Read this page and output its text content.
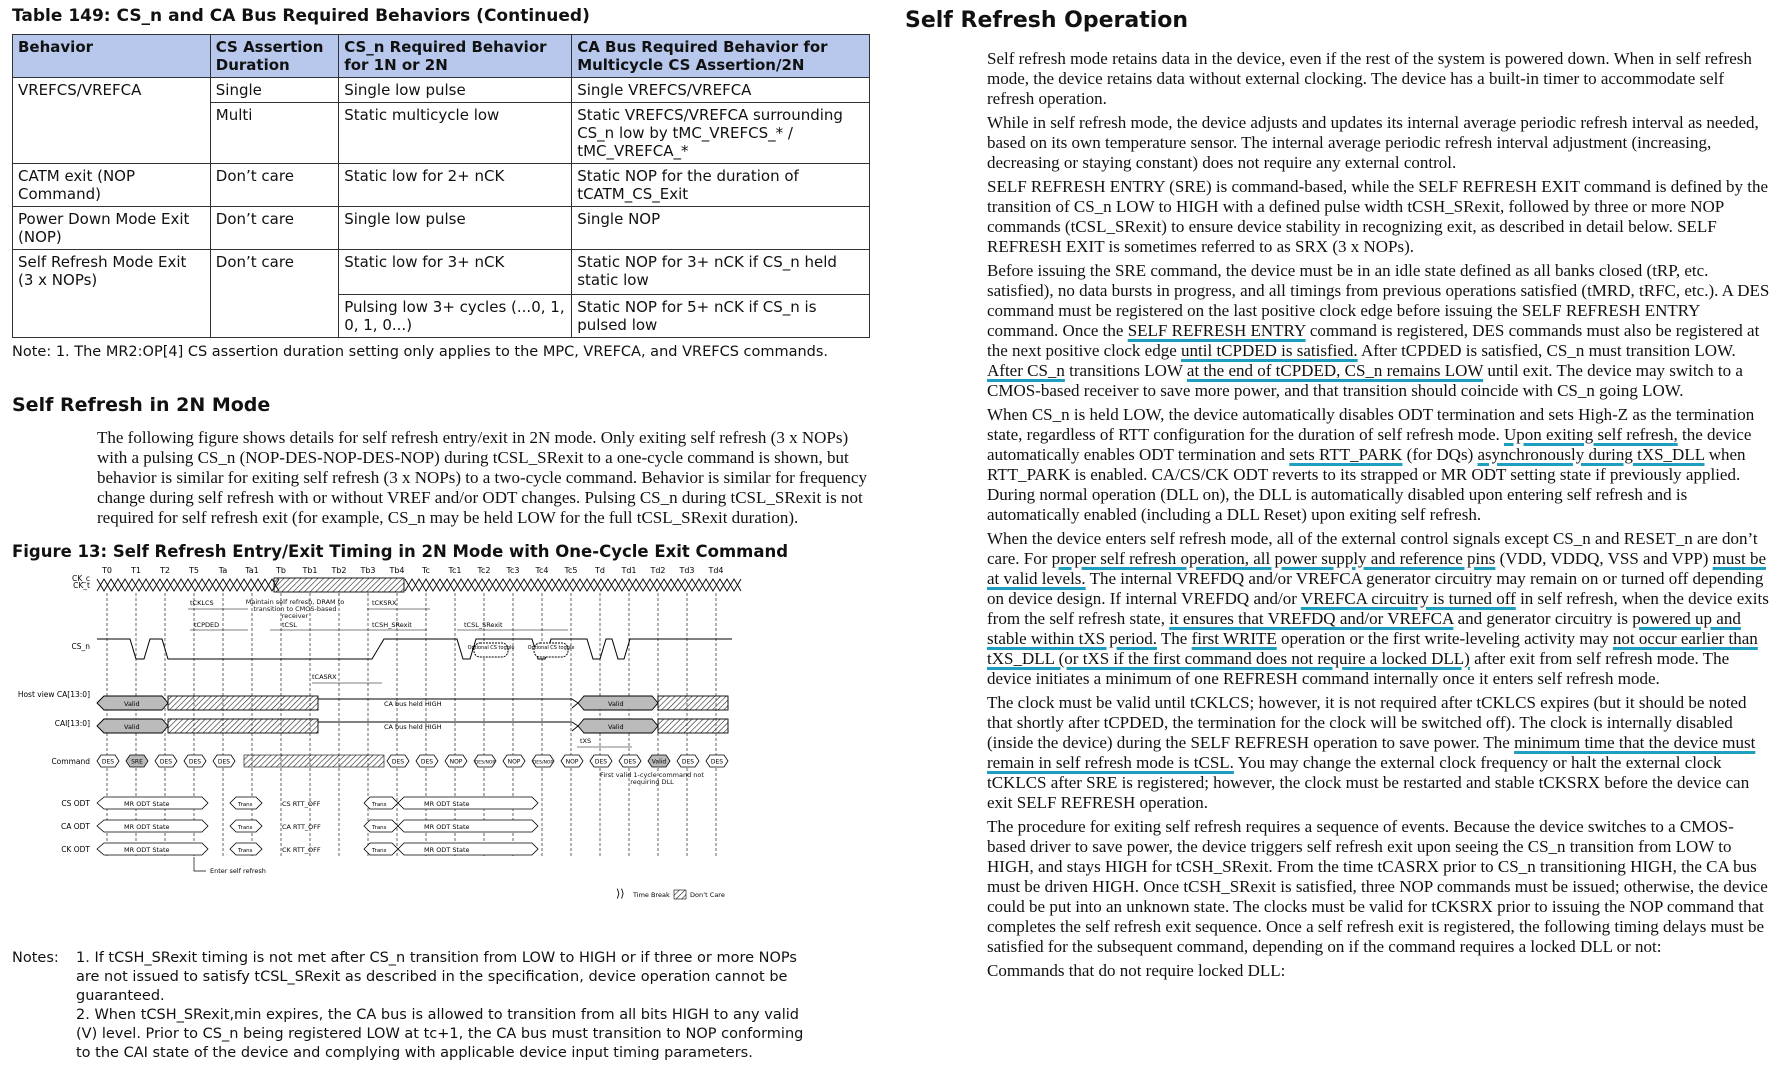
Table 149: CS_n and CA Bus Required Behaviors (Continued)
Behavior	CS Assertion Duration	CS_n Required Behavior for 1N or 2N	CA Bus Required Behavior for Multicycle CS Assertion/2N
VREFCS/VREFCA	Single	Single low pulse	Single VREFCS/VREFCA
	Multi	Static multicycle low	Static VREFCS/VREFCA surrounding CS_n low by tMC_VREFCS_* / tMC_VREFCA_*
CATM exit (NOP Command)	Don’t care	Static low for 2+ nCK	Static NOP for the duration of tCATM_CS_Exit
Power Down Mode Exit (NOP)	Don’t care	Single low pulse	Single NOP
Self Refresh Mode Exit (3 x NOPs)	Don’t care	Static low for 3+ nCK	Static NOP for 3+ nCK if CS_n held static low
		Pulsing low 3+ cycles (...0, 1, 0, 1, 0...)	Static NOP for 5+ nCK if CS_n is pulsed low
Note: 1. The MR2:OP[4] CS assertion duration setting only applies to the MPC, VREFCA, and VREFCS commands.
Self Refresh in 2N Mode

The following figure shows details for self refresh entry/exit in 2N mode. Only exiting self refresh (3 x NOPs) with a pulsing CS_n (NOP-DES-NOP-DES-NOP) during tCSL_SRexit to a one-cycle command is shown, but behavior is similar for exiting self refresh (3 x NOPs) to a two-cycle command. Behavior is similar for frequency change during self refresh with or without VREF and/or ODT changes. Pulsing CS_n during tCSL_SRexit is not required for self refresh exit (for example, CS_n may be held LOW for the full tCSL_SRexit duration).

Figure 13: Self Refresh Entry/Exit Timing in 2N Mode with One-Cycle Exit Command
T0 T1 T2 T5 Ta Ta1 Tb Tb1 Tb2 Tb3 Tb4 Tc Tc1 Tc2 Tc3 Tc4 Tc5 Td Td1 Td2 Td3 Td4
CK_c
CK_t
CS_n
Host view CA[13:0]
CAI[13:0]
Command
CS ODT
CA ODT
CK ODT
Optional CS toggle	Optional CS toggle
tCKLCS	tCKSRX
tCPDED	tCSL	tCSH_SRexit	tCSL_SRexit
tCASRX
tXS
Maintain self refresh, DRAM to transition to CMOS-based receiver
Valid	CA bus held HIGH	Valid
Valid	CA bus held HIGH	Valid
DES	SRE	DES	DES	DES	DES	DES	NOP	DES/NOP NOP	DES/NOP NOP	DES	DES	Valid	DES	DES
First valid 1-cycle command not requiring DLL
MR ODT State	Trans	CS RTT_OFF	Trans	MR ODT State
MR ODT State	Trans	CA RTT_OFF	Trans	MR ODT State
MR ODT State	Trans	CK RTT_OFF	Trans	MR ODT State
Enter self refresh
⟩⟩ Time Break	Don’t Care
Notes:	1. If tCSH_SRexit timing is not met after CS_n transition from LOW to HIGH or if three or more NOPs are not issued to satisfy tCSL_SRexit as described in the specification, device operation cannot be guaranteed.
2. When tCSH_SRexit,min expires, the CA bus is allowed to transition from all bits HIGH to any valid (V) level. Prior to CS_n being registered LOW at tc+1, the CA bus must transition to NOP conforming to the CAI state of the device and complying with applicable device input timing parameters.
Self Refresh Operation

Self refresh mode retains data in the device, even if the rest of the system is powered down. When in self refresh mode, the device retains data without external clocking. The device has a built-in timer to accommodate self refresh operation.

While in self refresh mode, the device adjusts and updates its internal average periodic refresh interval as needed, based on its own temperature sensor. The internal average periodic refresh interval adjustment (increasing, decreasing or staying constant) does not require any external control.

SELF REFRESH ENTRY (SRE) is command-based, while the SELF REFRESH EXIT command is defined by the transition of CS_n LOW to HIGH with a defined pulse width tCSH_SRexit, followed by three or more NOP commands (tCSL_SRexit) to ensure device stability in recognizing exit, as described in detail below. SELF REFRESH EXIT is sometimes referred to as SRX (3 x NOPs).

Before issuing the SRE command, the device must be in an idle state defined as all banks closed (tRP, etc. satisfied), no data bursts in progress, and all timings from previous operations satisfied (tMRD, tRFC, etc.). A DES command must be registered on the last positive clock edge before issuing the SELF REFRESH ENTRY command. Once the SELF REFRESH ENTRY command is registered, DES commands must also be registered at the next positive clock edge until tCPDED is satisfied. After tCPDED is satisfied, CS_n must transition LOW. After CS_n transitions LOW at the end of tCPDED, CS_n remains LOW until exit. The device may switch to a CMOS-based receiver to save more power, and that transition should coincide with CS_n going LOW.

When CS_n is held LOW, the device automatically disables ODT termination and sets High-Z as the termination state, regardless of RTT configuration for the duration of self refresh mode. Upon exiting self refresh, the device automatically enables ODT termination and sets RTT_PARK (for DQs) asynchronously during tXS_DLL when RTT_PARK is enabled. CA/CS/CK ODT reverts to its strapped or MR ODT setting state if previously applied. During normal operation (DLL on), the DLL is automatically disabled upon entering self refresh and is automatically enabled (including a DLL Reset) upon exiting self refresh.

When the device enters self refresh mode, all of the external control signals except CS_n and RESET_n are don’t care. For proper self refresh operation, all power supply and reference pins (VDD, VDDQ, VSS and VPP) must be at valid levels. The internal VREFDQ and/or VREFCA generator circuitry may remain on or turned off depending on device design. If internal VREFDQ and/or VREFCA circuitry is turned off in self refresh, when the device exits from the self refresh state, it ensures that VREFDQ and/or VREFCA and generator circuitry is powered up and stable within tXS period. The first WRITE operation or the first write-leveling activity may not occur earlier than tXS_DLL (or tXS if the first command does not require a locked DLL) after exit from self refresh mode. The device initiates a minimum of one REFRESH command internally once it enters self refresh mode.

The clock must be valid until tCKLCS; however, it is not required after tCKLCS expires (but it should be noted that shortly after tCPDED, the termination for the clock will be switched off). The clock is internally disabled (inside the device) during the SELF REFRESH operation to save power. The minimum time that the device must remain in self refresh mode is tCSL. You may change the external clock frequency or halt the external clock tCKLCS after SRE is registered; however, the clock must be restarted and stable tCKSRX before the device can exit SELF REFRESH operation.

The procedure for exiting self refresh requires a sequence of events. Because the device switches to a CMOS-based driver to save power, the device triggers self refresh exit upon seeing the CS_n transition from LOW to HIGH, and stays HIGH for tCSH_SRexit. From the time tCASRX prior to CS_n transitioning HIGH, the CA bus must be driven HIGH. Once tCSH_SRexit is satisfied, three NOP commands must be issued; otherwise, the device could be put into an unknown state. The clocks must be valid for tCKSRX prior to issuing the NOP command that completes the self refresh exit sequence. Once a self refresh exit is registered, the following timing delays must be satisfied for the subsequent command, depending on if the command requires a locked DLL or not:

Commands that do not require locked DLL:
